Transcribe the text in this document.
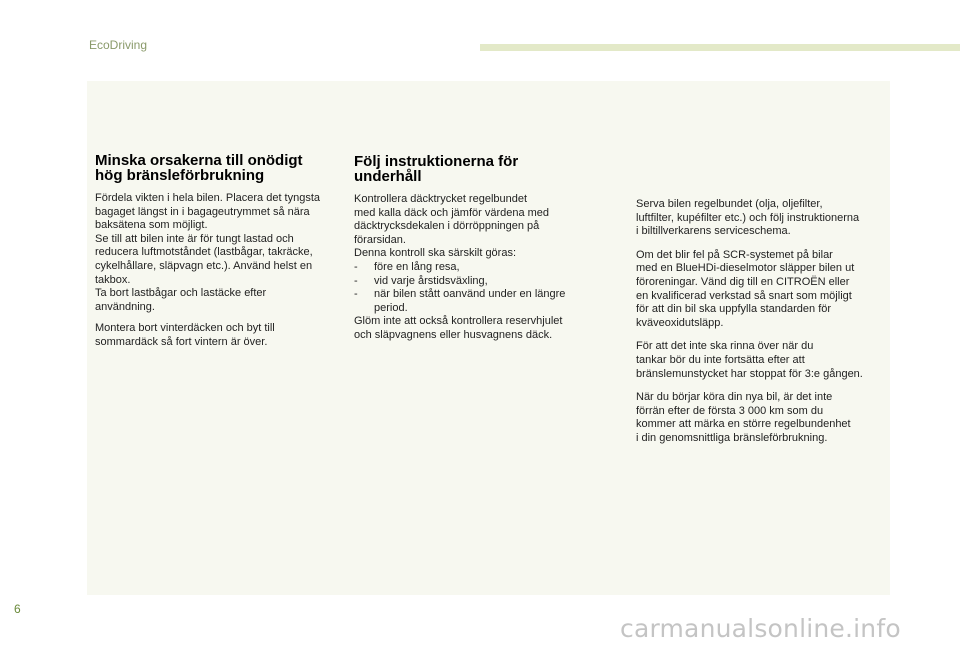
EcoDriving
Minska orsakerna till onödigt
hög bränsleförbrukning

Fördela vikten i hela bilen. Placera det tyngsta
bagaget längst in i bagageutrymmet så nära
baksätena som möjligt.
Se till att bilen inte är för tungt lastad och
reducera luftmotståndet (lastbågar, takräcke,
cykelhållare, släpvagn etc.). Använd helst en
takbox.
Ta bort lastbågar och lastäcke efter
användning.

Montera bort vinterdäcken och byt till
sommardäck så fort vintern är över.

Följ instruktionerna för
underhåll

Kontrollera däcktrycket regelbundet
med kalla däck och jämför värdena med
däcktrycksdekalen i dörröppningen på
förarsidan.
Denna kontroll ska särskilt göras:

- före en lång resa,
- vid varje årstidsväxling,
- när bilen stått oanvänd under en längre
period.

Glöm inte att också kontrollera reservhjulet
och släpvagnens eller husvagnens däck.

Serva bilen regelbundet (olja, oljefilter,
luftfilter, kupéfilter etc.) och följ instruktionerna
i biltillverkarens serviceschema.

Om det blir fel på SCR-systemet på bilar
med en BlueHDi-dieselmotor släpper bilen ut
föroreningar. Vänd dig till en CITROËN eller
en kvalificerad verkstad så snart som möjligt
för att din bil ska uppfylla standarden för
kväveoxidutsläpp.

För att det inte ska rinna över när du
tankar bör du inte fortsätta efter att
bränslemunstycket har stoppat för 3:e gången.

När du börjar köra din nya bil, är det inte
förrän efter de första 3 000 km som du
kommer att märka en större regelbundenhet
i din genomsnittliga bränsleförbrukning.

6
carmanualsonline.info
